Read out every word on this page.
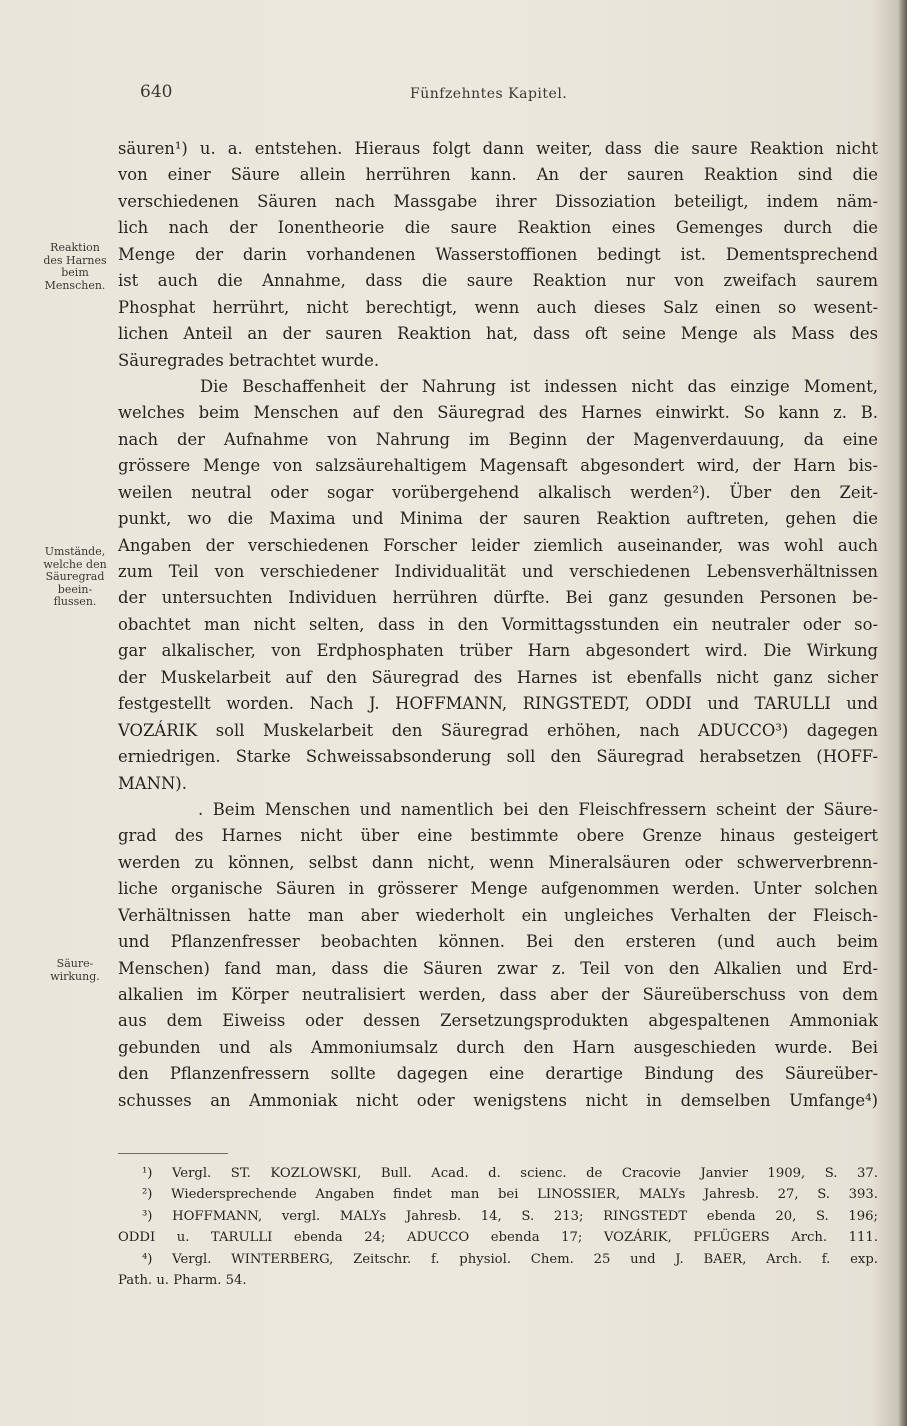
640	Fünfzehntes Kapitel.
Reaktion
des Harnes
beim
Menschen.
Umstände,
welche den
Säuregrad
beein-
flussen.
Säure-
wirkung.
säuren¹) u. a. entstehen. Hieraus folgt dann weiter, dass die saure Reaktion nicht
von einer Säure allein herrühren kann. An der sauren Reaktion sind die
verschiedenen Säuren nach Massgabe ihrer Dissoziation beteiligt, indem näm-
lich nach der Ionentheorie die saure Reaktion eines Gemenges durch die
Menge der darin vorhandenen Wasserstoffionen bedingt ist. Dementsprechend
ist auch die Annahme, dass die saure Reaktion nur von zweifach saurem
Phosphat herrührt, nicht berechtigt, wenn auch dieses Salz einen so wesent-
lichen Anteil an der sauren Reaktion hat, dass oft seine Menge als Mass des
Säuregrades betrachtet wurde.
Die Beschaffenheit der Nahrung ist indessen nicht das einzige Moment,
welches beim Menschen auf den Säuregrad des Harnes einwirkt. So kann z. B.
nach der Aufnahme von Nahrung im Beginn der Magenverdauung, da eine
grössere Menge von salzsäurehaltigem Magensaft abgesondert wird, der Harn bis-
weilen neutral oder sogar vorübergehend alkalisch werden²). Über den Zeit-
punkt, wo die Maxima und Minima der sauren Reaktion auftreten, gehen die
Angaben der verschiedenen Forscher leider ziemlich auseinander, was wohl auch
zum Teil von verschiedener Individualität und verschiedenen Lebensverhältnissen
der untersuchten Individuen herrühren dürfte. Bei ganz gesunden Personen be-
obachtet man nicht selten, dass in den Vormittagsstunden ein neutraler oder so-
gar alkalischer, von Erdphosphaten trüber Harn abgesondert wird. Die Wirkung
der Muskelarbeit auf den Säuregrad des Harnes ist ebenfalls nicht ganz sicher
festgestellt worden. Nach J. HOFFMANN, RINGSTEDT, ODDI und TARULLI und
VOZÁRIK soll Muskelarbeit den Säuregrad erhöhen, nach ADUCCO³) dagegen
erniedrigen. Starke Schweissabsonderung soll den Säuregrad herabsetzen (HOFF-
MANN).
. Beim Menschen und namentlich bei den Fleischfressern scheint der Säure-
grad des Harnes nicht über eine bestimmte obere Grenze hinaus gesteigert
werden zu können, selbst dann nicht, wenn Mineralsäuren oder schwerverbrenn-
liche organische Säuren in grösserer Menge aufgenommen werden. Unter solchen
Verhältnissen hatte man aber wiederholt ein ungleiches Verhalten der Fleisch-
und Pflanzenfresser beobachten können. Bei den ersteren (und auch beim
Menschen) fand man, dass die Säuren zwar z. Teil von den Alkalien und Erd-
alkalien im Körper neutralisiert werden, dass aber der Säureüberschuss von dem
aus dem Eiweiss oder dessen Zersetzungsprodukten abgespaltenen Ammoniak
gebunden und als Ammoniumsalz durch den Harn ausgeschieden wurde. Bei
den Pflanzenfressern sollte dagegen eine derartige Bindung des Säureüber-
schusses an Ammoniak nicht oder wenigstens nicht in demselben Umfange⁴)
¹) Vergl. ST. KOZLOWSKI, Bull. Acad. d. scienc. de Cracovie Janvier 1909, S. 37.
²) Wiedersprechende Angaben findet man bei LINOSSIER, MALYs Jahresb. 27, S. 393.
³) HOFFMANN, vergl. MALYs Jahresb. 14, S. 213; RINGSTEDT ebenda 20, S. 196;
ODDI u. TARULLI ebenda 24; ADUCCO ebenda 17; VOZÁRIK, PFLÜGERS Arch. 111.
⁴) Vergl. WINTERBERG, Zeitschr. f. physiol. Chem. 25 und J. BAER, Arch. f. exp.
Path. u. Pharm. 54.
